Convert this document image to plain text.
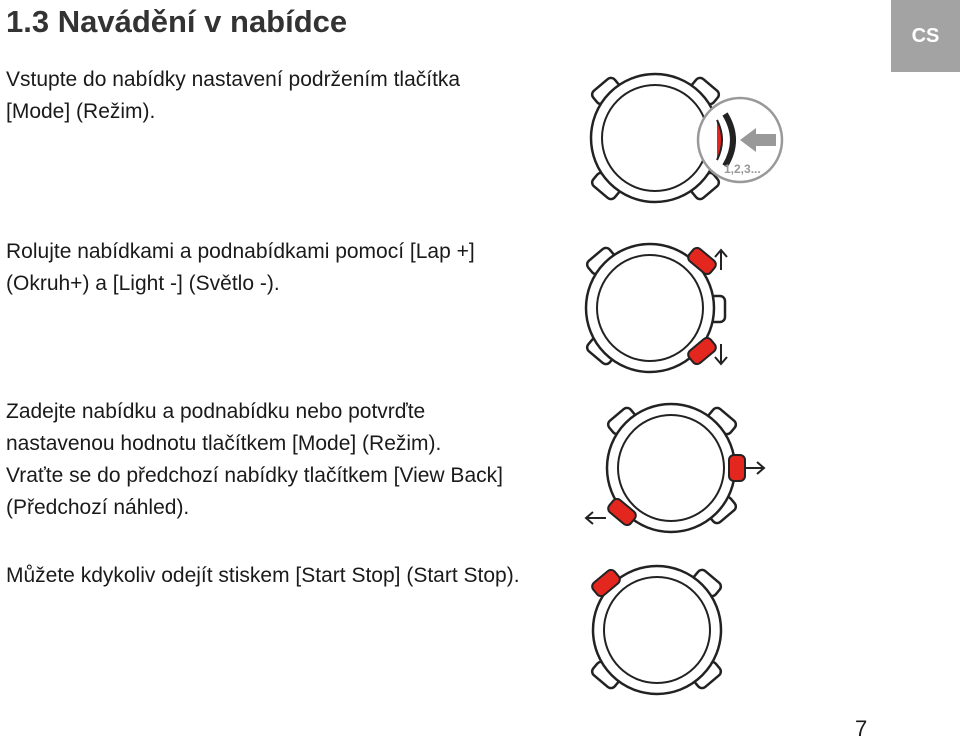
1.3 Navádění v nabídce	CS

Vstupte do nabídky nastavení podržením tlačítka
[Mode] (Režim).

Rolujte nabídkami a podnabídkami pomocí [Lap +]
(Okruh+) a [Light -] (Světlo -).

Zadejte nabídku a podnabídku nebo potvrďte
nastavenou hodnotu tlačítkem [Mode] (Režim).

Vraťte se do předchozí nabídky tlačítkem [View Back]
(Předchozí náhled).

Můžete kdykoliv odejít stiskem [Start Stop] (Start Stop).

1,2,3...
7
